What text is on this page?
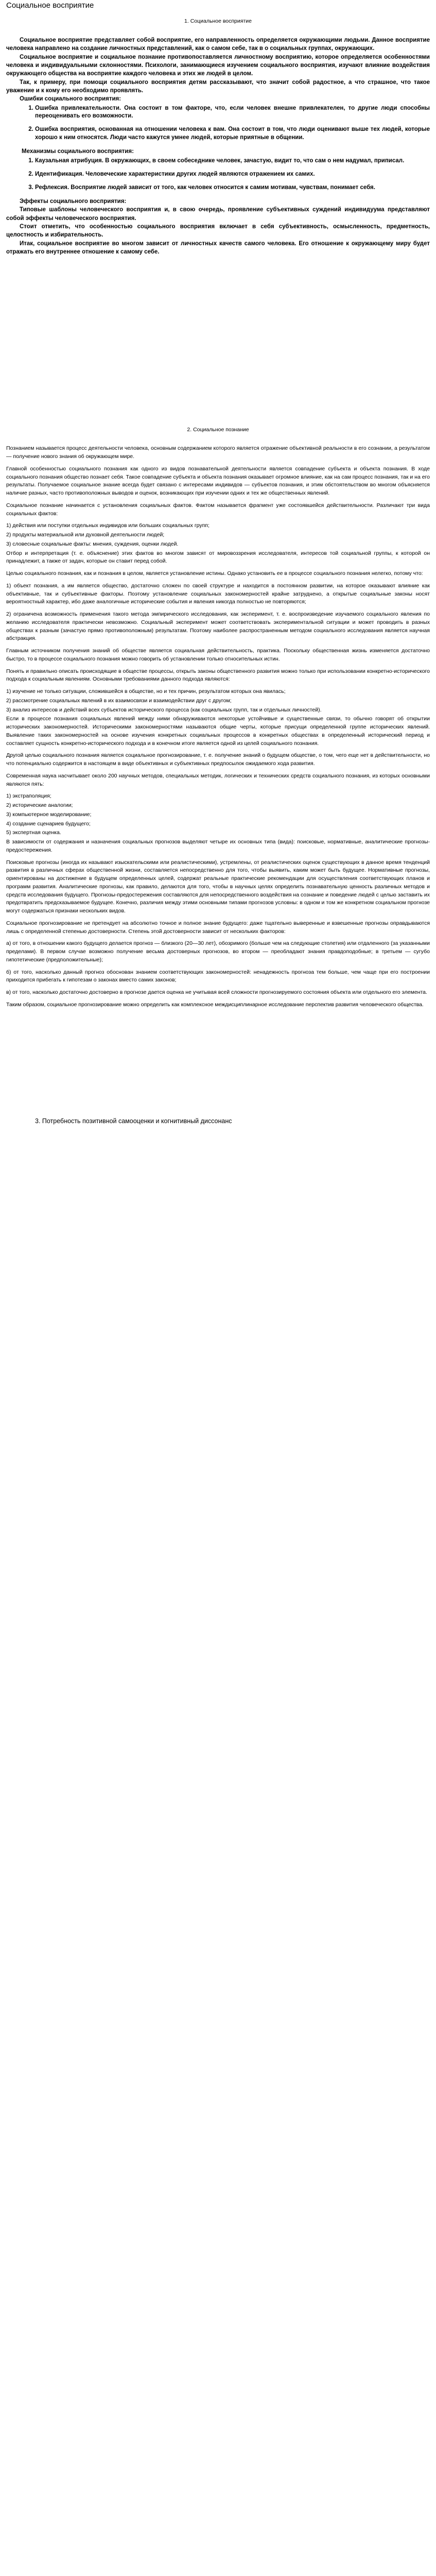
Социальное восприятие
1. Социальное восприятие

Социальное восприятие представляет собой восприятие, его направленность определяется окружающими людьми. Данное восприятие человека направлено на создание личностных представлений, как о самом себе, так в о социальных группах, окружающих.

Социальное восприятие и социальное познание противопоставляется личностному восприятию, которое определяется особенностями человека и индивидуальными склонностями. Психологи, занимающиеся изучением социального восприятия, изучают влияние воздействия окружающего общества на восприятие каждого человека и этих же людей в целом.

Так, к примеру, при помощи социального восприятия детям рассказывают, что значит собой радостное, а что страшное, что такое уважение и к кому его необходимо проявлять.

Ошибки социального восприятия:

1. Ошибка привлекательности. Она состоит в том факторе, что, если человек внешне привлекателен, то другие люди способны переоценивать его возможности.
2. Ошибка восприятия, основанная на отношении человека к вам. Она состоит в том, что люди оценивают выше тех людей, которые хорошо к ним относятся. Люди часто кажутся умнее людей, которые приятные в общении.
Механизмы социального восприятия:
1. Каузальная атрибуция. В окружающих, в своем собеседнике человек, зачастую, видит то, что сам о нем надумал, приписал.
2. Идентификация. Человеческие характеристики других людей являются отражением их самих.
3. Рефлексия. Восприятие людей зависит от того, как человек относится к самим мотивам, чувствам, понимает себя.

Эффекты социального восприятия:

Типовые шаблоны человеческого восприятия и, в свою очередь, проявление субъективных суждений индивидуума представляют собой эффекты человеческого восприятия.

Стоит отметить, что особенностью социального восприятия включает в себя субъективность, осмысленность, предметность, целостность и избирательность.

Итак, социальное восприятие во многом зависит от личностных качеств самого человека. Его отношение к окружающему миру будет отражать его внутреннее отношение к самому себе.

2. Социальное познание

Познанием называется процесс деятельности человека, основным содержанием которого является отражение объективной реальности в его сознании, а результатом — получение нового знания об окружающем мире.

Главной особенностью социального познания как одного из видов познавательной деятельности является совпадение субъекта и объекта познания. В ходе социального познания общество познает себя. Такое совпадение субъекта и объекта познания оказывает огромное влияние, как на сам процесс познания, так и на его результаты. Получаемое социальное знание всегда будет связано с интересами индивидов — субъектов познания, и этим обстоятельством во многом объясняется наличие разных, часто противоположных выводов и оценок, возникающих при изучении одних и тех же общественных явлений.

Социальное познание начинается с установления социальных фактов. Фактом называется фрагмент уже состоявшейся действительности. Различают три вида социальных фактов:

1) действия или поступки отдельных индивидов или больших социальных групп;

2) продукты материальной или духовной деятельности людей;

3) словесные социальные факты: мнения, суждения, оценки людей.

Отбор и интерпретация (т. е. объяснение) этих фактов во многом зависят от мировоззрения исследователя, интересов той социальной группы, к которой он принадлежит, а также от задач, которые он ставит перед собой.

Целью социального познания, как и познания в целом, является установление истины. Однако установить ее в процессе социального познания нелегко, потому что:

1) объект познания, а им является общество, достаточно сложен по своей структуре и находится в постоянном развитии, на которое оказывают влияние как объективные, так и субъективные факторы. Поэтому установление социальных закономерностей крайне затруднено, а открытые социальные законы носят вероятностный характер, ибо даже аналогичные исторические события и явления никогда полностью не повторяются;

2) ограничена возможность применения такого метода эмпирического исследования, как эксперимент, т. е. воспроизведение изучаемого социального явления по желанию исследователя практически невозможно. Социальный эксперимент может соответствовать экспериментальной ситуации и может проводить в разных обществах к разным (зачастую прямо противоположным) результатам. Поэтому наиболее распространенным методом социального исследования является научная абстракция.

Главным источником получения знаний об обществе является социальная действительность, практика. Поскольку общественная жизнь изменяется достаточно быстро, то в процессе социального познания можно говорить об установлении только относительных истин.

Понять и правильно описать происходящие в обществе процессы, открыть законы общественного развития можно только при использовании конкретно-исторического подхода к социальным явлениям. Основными требованиями данного подхода являются:

1) изучение не только ситуации, сложившейся в обществе, но и тех причин, результатом которых она явилась;

2) рассмотрение социальных явлений в их взаимосвязи и взаимодействии друг с другом;

3) анализ интересов и действий всех субъектов исторического процесса (как социальных групп, так и отдельных личностей).

Если в процессе познания социальных явлений между ними обнаруживаются некоторые устойчивые и существенные связи, то обычно говорят об открытии исторических закономерностей. Историческими закономерностями называются общие черты, которые присущи определенной группе исторических явлений. Выявление таких закономерностей на основе изучения конкретных социальных процессов в конкретных обществах в определенный исторический период и составляет сущность конкретно-исторического подхода и в конечном итоге является одной из целей социального познания.

Другой целью социального познания является социальное прогнозирование, т. е. получение знаний о будущем обществе, о том, чего еще нет в действительности, но что потенциально содержится в настоящем в виде объективных и субъективных предпосылок ожидаемого хода развития.

Современная наука насчитывает около 200 научных методов, специальных методик, логических и технических средств социального познания, из которых основными являются пять:

1) экстраполяция;

2) исторические аналогии;

3) компьютерное моделирование;

4) создание сценариев будущего;

5) экспертная оценка.

В зависимости от содержания и назначения социальных прогнозов выделяют четыре их основных типа (вида): поисковые, нормативные, аналитические прогнозы-предостережения.

Поисковые прогнозы (иногда их называют изыскательскими или реалистическими), устремлены, от реалистических оценок существующих в данное время тенденций развития в различных сферах общественной жизни, составляется непосредственно для того, чтобы выявить, каким может быть будущее. Нормативные прогнозы, ориентированы на достижение в будущем определенных целей, содержат реальные практические рекомендации для осуществления соответствующих планов и программ развития. Аналитические прогнозы, как правило, делаются для того, чтобы в научных целях определить познавательную ценность различных методов и средств исследования будущего. Прогнозы-предостережения составляются для непосредственного воздействия на сознание и поведение людей с целью заставить их предотвратить предсказываемое будущее. Конечно, различия между этими основными типами прогнозов условны: в одном и том же конкретном социальном прогнозе могут содержаться признаки нескольких видов.

Социальное прогнозирование не претендует на абсолютно точное и полное знание будущего: даже тщательно выверенные и взвешенные прогнозы оправдываются лишь с определенной степенью достоверности. Степень этой достоверности зависит от нескольких факторов:

а) от того, в отношении какого будущего делается прогноз — близкого (20—30 лет), обозримого (больше чем на следующие столетия) или отдаленного (за указанными пределами). В первом случае возможно получение весьма достоверных прогнозов, во втором — преобладают знания правдоподобные; в третьем — сугубо гипотетические (предположительные);

б) от того, насколько данный прогноз обоснован знанием соответствующих закономерностей: ненадежность прогноза тем больше, чем чаще при его построении приходится прибегать к гипотезам о законах вместо самих законов;

в) от того, насколько достаточно достоверно в прогнозе дается оценка не учитывая всей сложности прогнозируемого состояния объекта или отдельного его элемента.

Таким образом, социальное прогнозирование можно определить как комплексное междисциплинарное исследование перспектив развития человеческого общества.

3. Потребность позитивной самооценки и когнитивный диссонанс
